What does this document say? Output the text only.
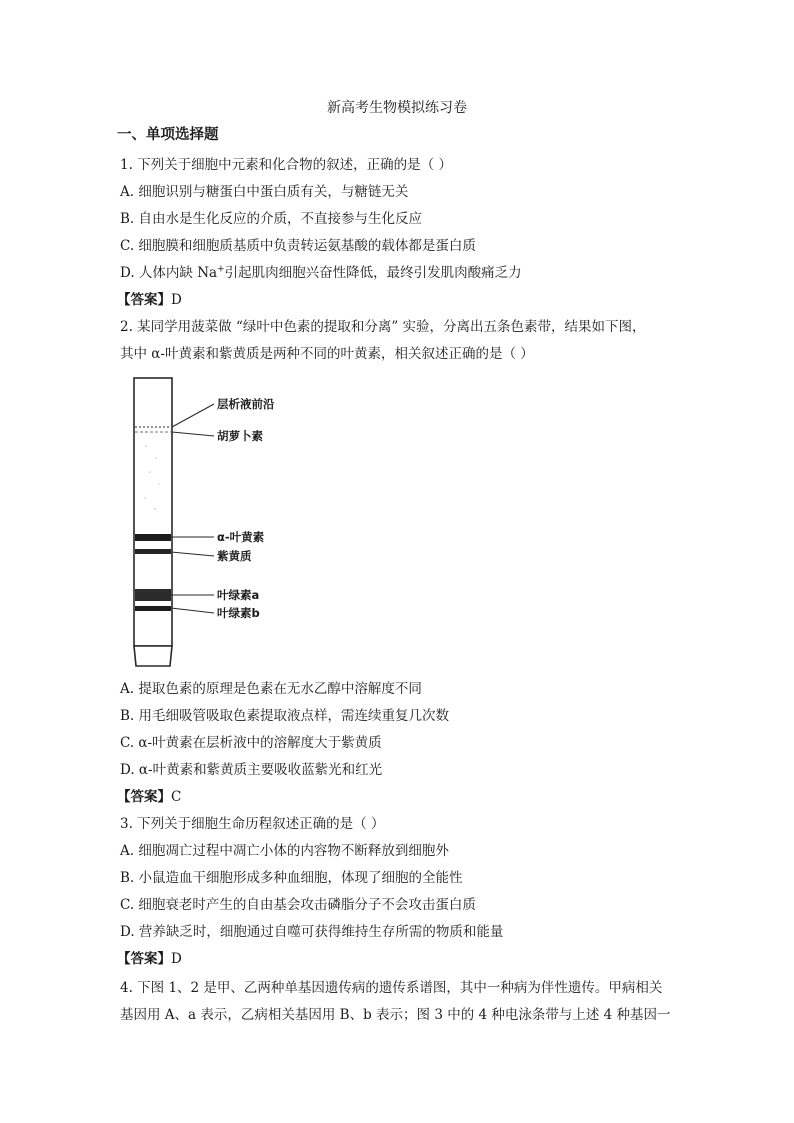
新高考生物模拟练习卷
一、单项选择题
1. 下列关于细胞中元素和化合物的叙述，正确的是（ ）
A. 细胞识别与糖蛋白中蛋白质有关，与糖链无关
B. 自由水是生化反应的介质，不直接参与生化反应
C. 细胞膜和细胞质基质中负责转运氨基酸的载体都是蛋白质
D. 人体内缺 Na+引起肌肉细胞兴奋性降低，最终引发肌肉酸痛乏力
【答案】D
2. 某同学用菠菜做 “绿叶中色素的提取和分离” 实验，分离出五条色素带，结果如下图，
其中 α-叶黄素和紫黄质是两种不同的叶黄素，相关叙述正确的是（ ）
层析液前沿
胡萝卜素
α-叶黄素
紫黄质
叶绿素a
叶绿素b
A. 提取色素的原理是色素在无水乙醇中溶解度不同
B. 用毛细吸管吸取色素提取液点样，需连续重复几次数
C. α-叶黄素在层析液中的溶解度大于紫黄质
D. α-叶黄素和紫黄质主要吸收蓝紫光和红光
【答案】C
3. 下列关于细胞生命历程叙述正确的是（ ）
A. 细胞凋亡过程中凋亡小体的内容物不断释放到细胞外
B. 小鼠造血干细胞形成多种血细胞，体现了细胞的全能性
C. 细胞衰老时产生的自由基会攻击磷脂分子不会攻击蛋白质
D. 营养缺乏时，细胞通过自噬可获得维持生存所需的物质和能量
【答案】D
4. 下图 1、2 是甲、乙两种单基因遗传病的遗传系谱图，其中一种病为伴性遗传。甲病相关
基因用 A、a 表示，乙病相关基因用 B、b 表示；图 3 中的 4 种电泳条带与上述 4 种基因一
